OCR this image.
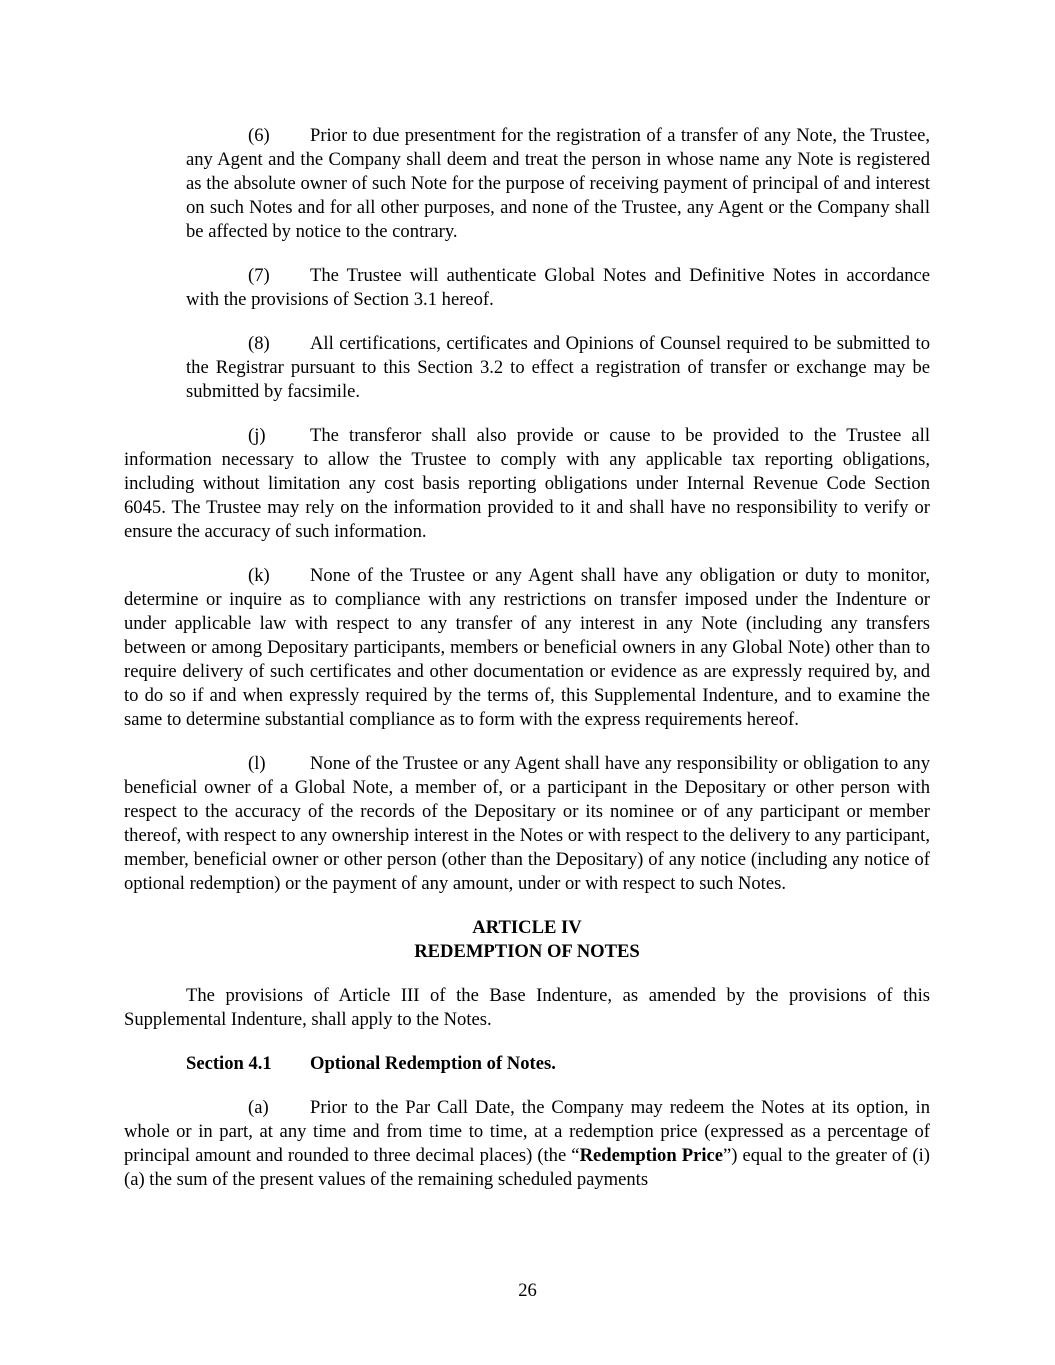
(6) Prior to due presentment for the registration of a transfer of any Note, the Trustee, any Agent and the Company shall deem and treat the person in whose name any Note is registered as the absolute owner of such Note for the purpose of receiving payment of principal of and interest on such Notes and for all other purposes, and none of the Trustee, any Agent or the Company shall be affected by notice to the contrary.

(7) The Trustee will authenticate Global Notes and Definitive Notes in accordance with the provisions of Section 3.1 hereof.

(8) All certifications, certificates and Opinions of Counsel required to be submitted to the Registrar pursuant to this Section 3.2 to effect a registration of transfer or exchange may be submitted by facsimile.

(j) The transferor shall also provide or cause to be provided to the Trustee all information necessary to allow the Trustee to comply with any applicable tax reporting obligations, including without limitation any cost basis reporting obligations under Internal Revenue Code Section 6045. The Trustee may rely on the information provided to it and shall have no responsibility to verify or ensure the accuracy of such information.

(k) None of the Trustee or any Agent shall have any obligation or duty to monitor, determine or inquire as to compliance with any restrictions on transfer imposed under the Indenture or under applicable law with respect to any transfer of any interest in any Note (including any transfers between or among Depositary participants, members or beneficial owners in any Global Note) other than to require delivery of such certificates and other documentation or evidence as are expressly required by, and to do so if and when expressly required by the terms of, this Supplemental Indenture, and to examine the same to determine substantial compliance as to form with the express requirements hereof.

(l) None of the Trustee or any Agent shall have any responsibility or obligation to any beneficial owner of a Global Note, a member of, or a participant in the Depositary or other person with respect to the accuracy of the records of the Depositary or its nominee or of any participant or member thereof, with respect to any ownership interest in the Notes or with respect to the delivery to any participant, member, beneficial owner or other person (other than the Depositary) of any notice (including any notice of optional redemption) or the payment of any amount, under or with respect to such Notes.

ARTICLE IV

REDEMPTION OF NOTES

The provisions of Article III of the Base Indenture, as amended by the provisions of this Supplemental Indenture, shall apply to the Notes.

Section 4.1 Optional Redemption of Notes.

(a) Prior to the Par Call Date, the Company may redeem the Notes at its option, in whole or in part, at any time and from time to time, at a redemption price (expressed as a percentage of principal amount and rounded to three decimal places) (the “Redemption Price”) equal to the greater of (i) (a) the sum of the present values of the remaining scheduled payments

26
